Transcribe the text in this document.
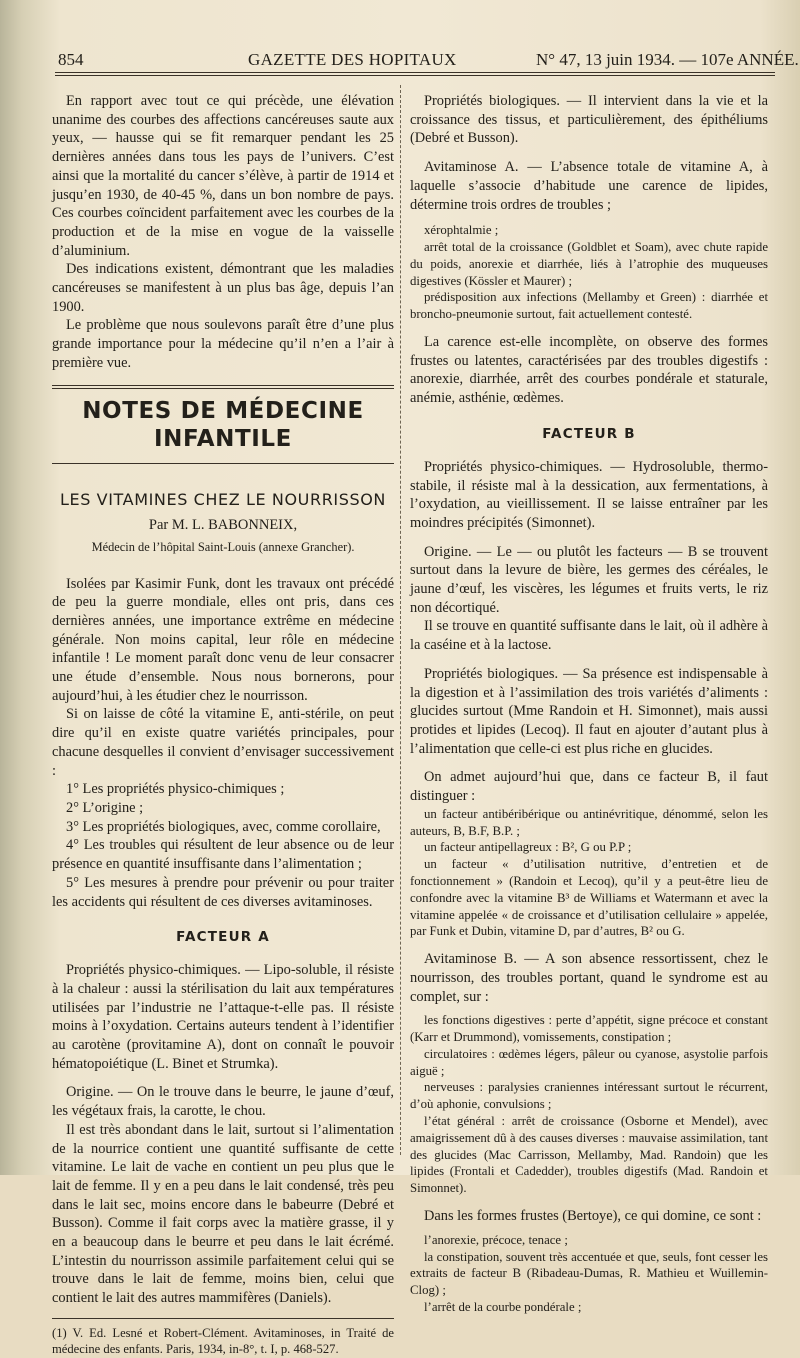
854	GAZETTE DES HOPITAUX	N° 47, 13 juin 1934. — 107e ANNÉE.

En rapport avec tout ce qui précède, une élévation unanime des courbes des affections cancéreuses saute aux yeux, — hausse qui se fit remarquer pendant les 25 dernières années dans tous les pays de l’univers. C’est ainsi que la mortalité du cancer s’élève, à partir de 1914 et jusqu’en 1930, de 40-45 %, dans un bon nombre de pays. Ces courbes coïncident parfaitement avec les courbes de la production et de la mise en vogue de la vaisselle d’aluminium.

Des indications existent, démontrant que les maladies cancéreuses se manifestent à un plus bas âge, depuis l’an 1900.

Le problème que nous soulevons paraît être d’une plus grande importance pour la médecine qu’il n’en a l’air à première vue.

NOTES DE MÉDECINE INFANTILE
LES VITAMINES CHEZ LE NOURRISSON
Par M. L. BABONNEIX,
Médecin de l’hôpital Saint-Louis (annexe Grancher).

Isolées par Kasimir Funk, dont les travaux ont précédé de peu la guerre mondiale, elles ont pris, dans ces dernières années, une importance extrême en médecine générale. Non moins capital, leur rôle en médecine infantile ! Le moment paraît donc venu de leur consacrer une étude d’ensemble. Nous nous bornerons, pour aujourd’hui, à les étudier chez le nourrisson.

Si on laisse de côté la vitamine E, anti-stérile, on peut dire qu’il en existe quatre variétés principales, pour chacune desquelles il convient d’envisager successivement :

1° Les propriétés physico-chimiques ;

2° L’origine ;

3° Les propriétés biologiques, avec, comme corollaire,

4° Les troubles qui résultent de leur absence ou de leur présence en quantité insuffisante dans l’alimentation ;

5° Les mesures à prendre pour prévenir ou pour traiter les accidents qui résultent de ces diverses avitaminoses.

FACTEUR A

Propriétés physico-chimiques. — Lipo-soluble, il résiste à la chaleur : aussi la stérilisation du lait aux températures utilisées par l’industrie ne l’attaque-t-elle pas. Il résiste moins à l’oxydation. Certains auteurs tendent à l’identifier au carotène (provitamine A), dont on connaît le pouvoir hématopoiétique (L. Binet et Strumka).

Origine. — On le trouve dans le beurre, le jaune d’œuf, les végétaux frais, la carotte, le chou.

Il est très abondant dans le lait, surtout si l’alimentation de la nourrice contient une quantité suffisante de cette vitamine. Le lait de vache en contient un peu plus que le lait de femme. Il y en a peu dans le lait condensé, très peu dans le lait sec, moins encore dans le babeurre (Debré et Busson). Comme il fait corps avec la matière grasse, il y en a beaucoup dans le beurre et peu dans le lait écrémé. L’intestin du nourrisson assimile parfaitement celui qui se trouve dans le lait de femme, moins bien, celui que contient le lait des autres mammifères (Daniels).

(1) V. Ed. Lesné et Robert-Clément. Avitaminoses, in Traité de médecine des enfants. Paris, 1934, in-8°, t. I, p. 468-527.

Propriétés biologiques. — Il intervient dans la vie et la croissance des tissus, et particulièrement, des épithéliums (Debré et Busson).

Avitaminose A. — L’absence totale de vitamine A, à laquelle s’associe d’habitude une carence de lipides, détermine trois ordres de troubles ;

xérophtalmie ;

arrêt total de la croissance (Goldblet et Soam), avec chute rapide du poids, anorexie et diarrhée, liés à l’atrophie des muqueuses digestives (Kössler et Maurer) ;

prédisposition aux infections (Mellamby et Green) : diarrhée et broncho-pneumonie surtout, fait actuellement contesté.

La carence est-elle incomplète, on observe des formes frustes ou latentes, caractérisées par des troubles digestifs : anorexie, diarrhée, arrêt des courbes pondérale et staturale, anémie, asthénie, œdèmes.

FACTEUR B

Propriétés physico-chimiques. — Hydrosoluble, thermo-stabile, il résiste mal à la dessication, aux fermentations, à l’oxydation, au vieillissement. Il se laisse entraîner par les moindres précipités (Simonnet).

Origine. — Le — ou plutôt les facteurs — B se trouvent surtout dans la levure de bière, les germes des céréales, le jaune d’œuf, les viscères, les légumes et fruits verts, le riz non décortiqué.

Il se trouve en quantité suffisante dans le lait, où il adhère à la caséine et à la lactose.

Propriétés biologiques. — Sa présence est indispensable à la digestion et à l’assimilation des trois variétés d’aliments : glucides surtout (Mme Randoin et H. Simonnet), mais aussi protides et lipides (Lecoq). Il faut en ajouter d’autant plus à l’alimentation que celle-ci est plus riche en glucides.

On admet aujourd’hui que, dans ce facteur B, il faut distinguer :

un facteur antibéribérique ou antinévritique, dénommé, selon les auteurs, B, B.F, B.P. ;

un facteur antipellagreux : B², G ou P.P ;

un facteur « d’utilisation nutritive, d’entretien et de fonctionnement » (Randoin et Lecoq), qu’il y a peut-être lieu de confondre avec la vitamine B³ de Williams et Watermann et avec la vitamine appelée « de croissance et d’utilisation cellulaire » appelée, par Funk et Dubin, vitamine D, par d’autres, B² ou G.

Avitaminose B. — A son absence ressortissent, chez le nourrisson, des troubles portant, quand le syndrome est au complet, sur :

les fonctions digestives : perte d’appétit, signe précoce et constant (Karr et Drummond), vomissements, constipation ;

circulatoires : œdèmes légers, pâleur ou cyanose, asystolie parfois aiguë ;

nerveuses : paralysies craniennes intéressant surtout le récurrent, d’où aphonie, convulsions ;

l’état général : arrêt de croissance (Osborne et Mendel), avec amaigrissement dû à des causes diverses : mauvaise assimilation, tant des glucides (Mac Carrisson, Mellamby, Mad. Randoin) que les lipides (Frontali et Cadedder), troubles digestifs (Mad. Randoin et Simonnet).

Dans les formes frustes (Bertoye), ce qui domine, ce sont :

l’anorexie, précoce, tenace ;

la constipation, souvent très accentuée et que, seuls, font cesser les extraits de facteur B (Ribadeau-Dumas, R. Mathieu et Wuillemin-Clog) ;

l’arrêt de la courbe pondérale ;
